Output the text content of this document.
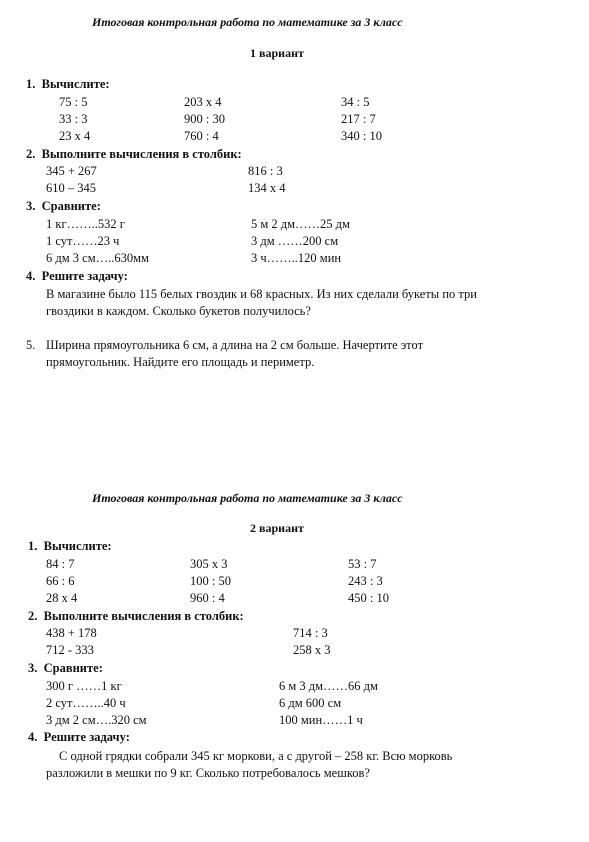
Итоговая контрольная работа по математике за 3 класс
1 вариант
1. Вычислите:
75 : 5	203 х 4	34 : 5
33 : 3	900 : 30	217 : 7
23 х 4	760 : 4	340 : 10
2. Выполните вычисления в столбик:
345 + 267	816 : 3
610 – 345	134 х 4
3. Сравните:
1 кг……..532 г	5 м 2 дм……25 дм
1 сут……23 ч	3 дм ……200 см
6 дм 3 см…..630мм	3 ч……..120 мин
4. Решите задачу:
В магазине было 115 белых гвоздик и 68 красных. Из них сделали букеты по три
гвоздики в каждом. Сколько букетов получилось?
5. Ширина прямоугольника 6 см, а длина на 2 см больше. Начертите этот
прямоугольник. Найдите его площадь и периметр.
Итоговая контрольная работа по математике за 3 класс
2 вариант
1. Вычислите:
84 : 7	305 х 3	53 : 7
66 : 6	100 : 50	243 : 3
28 х 4	960 : 4	450 : 10
2. Выполните вычисления в столбик:
438 + 178	714 : 3
712 - 333	258 х 3
3. Сравните:
300 г ……1 кг	6 м 3 дм……66 дм
2 сут……..40 ч	6 дм 600 см
3 дм 2 см….320 см	100 мин……1 ч
4. Решите задачу:
С одной грядки собрали 345 кг моркови, а с другой – 258 кг. Всю морковь
разложили в мешки по 9 кг. Сколько потребовалось мешков?
